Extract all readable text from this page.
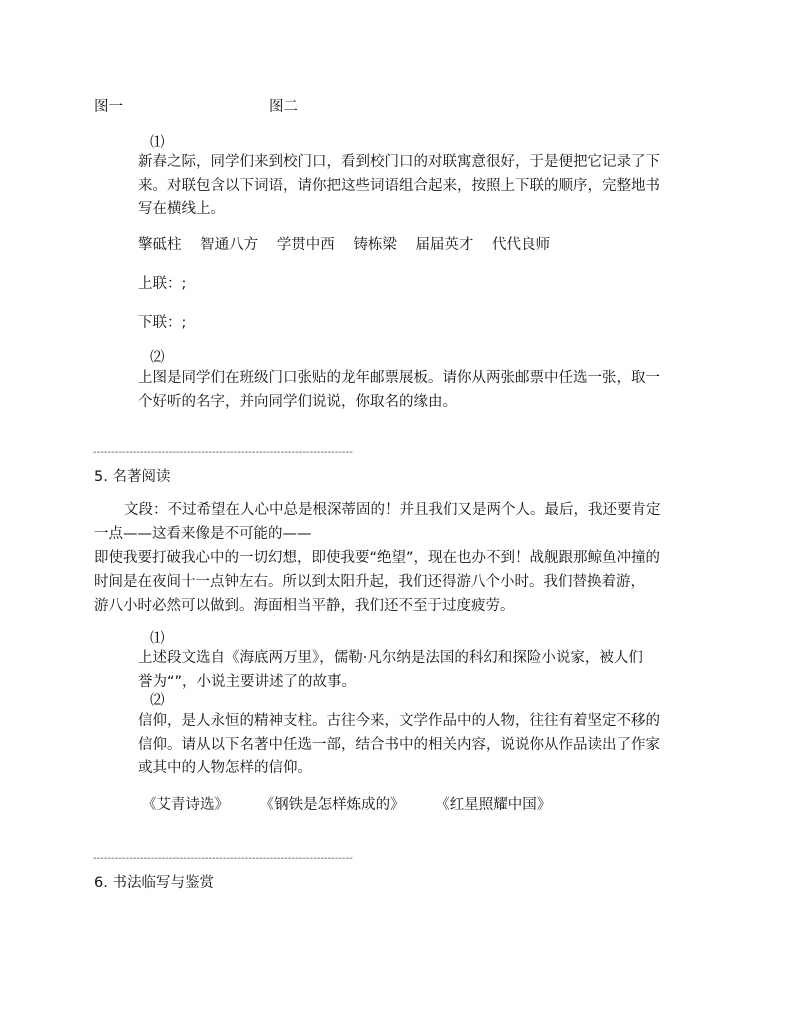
图一	图二
⑴
新春之际，同学们来到校门口，看到校门口的对联寓意很好，于是便把它记录了下
来。对联包含以下词语，请你把这些词语组合起来，按照上下联的顺序，完整地书
写在横线上。
擎砥柱 智通八方 学贯中西 铸栋梁 届届英才 代代良师
上联：;
下联：;
⑵
上图是同学们在班级门口张贴的龙年邮票展板。请你从两张邮票中任选一张，取一
个好听的名字，并向同学们说说，你取名的缘由。
------------------------------------------------------------------------
5. 名著阅读
文段：不过希望在人心中总是根深蒂固的！并且我们又是两个人。最后，我还要肯定
一点——这看来像是不可能的——
即使我要打破我心中的一切幻想，即使我要“绝望”，现在也办不到！战舰跟那鲸鱼冲撞的
时间是在夜间十一点钟左右。所以到太阳升起，我们还得游八个小时。我们替换着游，
游八小时必然可以做到。海面相当平静，我们还不至于过度疲劳。
⑴
上述段文选自《海底两万里》，儒勒·凡尔纳是法国的科幻和探险小说家，被人们
誉为“”，小说主要讲述了的故事。
⑵
信仰，是人永恒的精神支柱。古往今来，文学作品中的人物，往往有着坚定不移的
信仰。请从以下名著中任选一部，结合书中的相关内容，说说你从作品读出了作家
或其中的人物怎样的信仰。
《艾青诗选》 《钢铁是怎样炼成的》 《红星照耀中国》
------------------------------------------------------------------------
6. 书法临写与鉴赏
